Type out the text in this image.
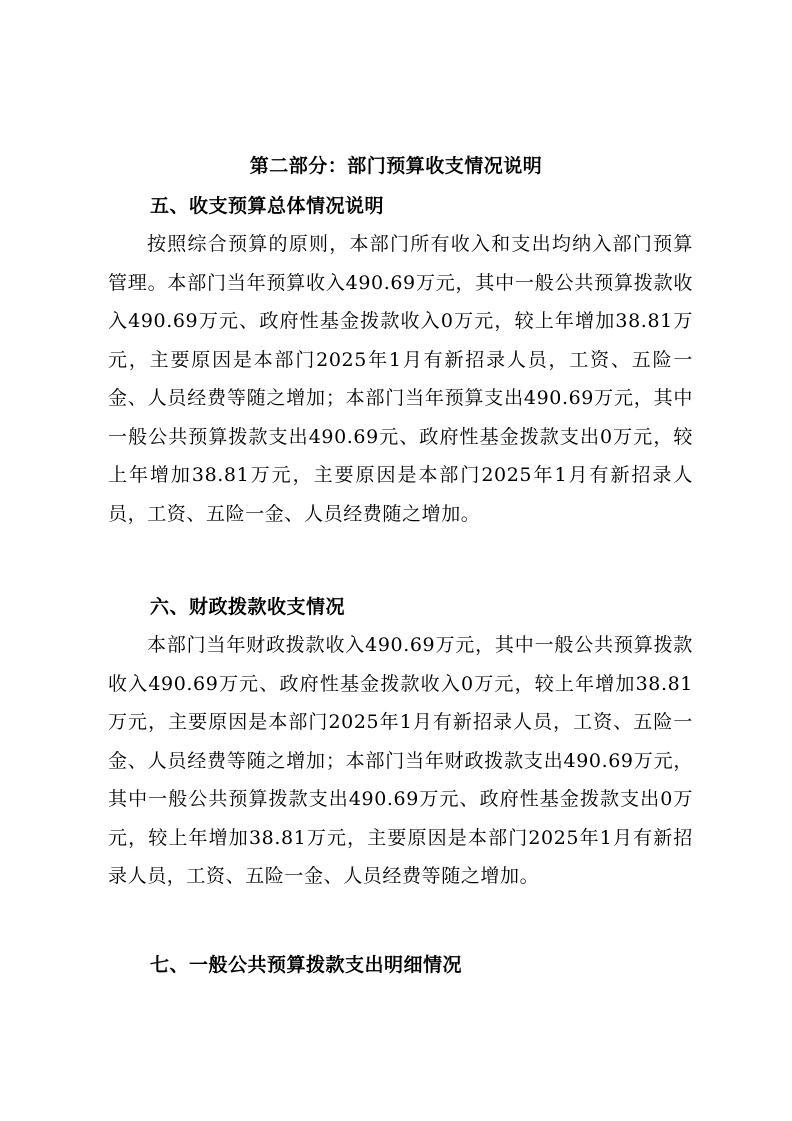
第二部分：部门预算收支情况说明
五、收支预算总体情况说明
按照综合预算的原则，本部门所有收入和支出均纳入部门预算管理。本部门当年预算收入490.69万元，其中一般公共预算拨款收入490.69万元、政府性基金拨款收入0万元，较上年增加38.81万元，主要原因是本部门2025年1月有新招录人员，工资、五险一金、人员经费等随之增加；本部门当年预算支出490.69万元，其中一般公共预算拨款支出490.69元、政府性基金拨款支出0万元，较上年增加38.81万元，主要原因是本部门2025年1月有新招录人员，工资、五险一金、人员经费随之增加。
六、财政拨款收支情况
本部门当年财政拨款收入490.69万元，其中一般公共预算拨款收入490.69万元、政府性基金拨款收入0万元，较上年增加38.81万元，主要原因是本部门2025年1月有新招录人员，工资、五险一金、人员经费等随之增加；本部门当年财政拨款支出490.69万元，其中一般公共预算拨款支出490.69万元、政府性基金拨款支出0万元，较上年增加38.81万元，主要原因是本部门2025年1月有新招录人员，工资、五险一金、人员经费等随之增加。
七、一般公共预算拨款支出明细情况
